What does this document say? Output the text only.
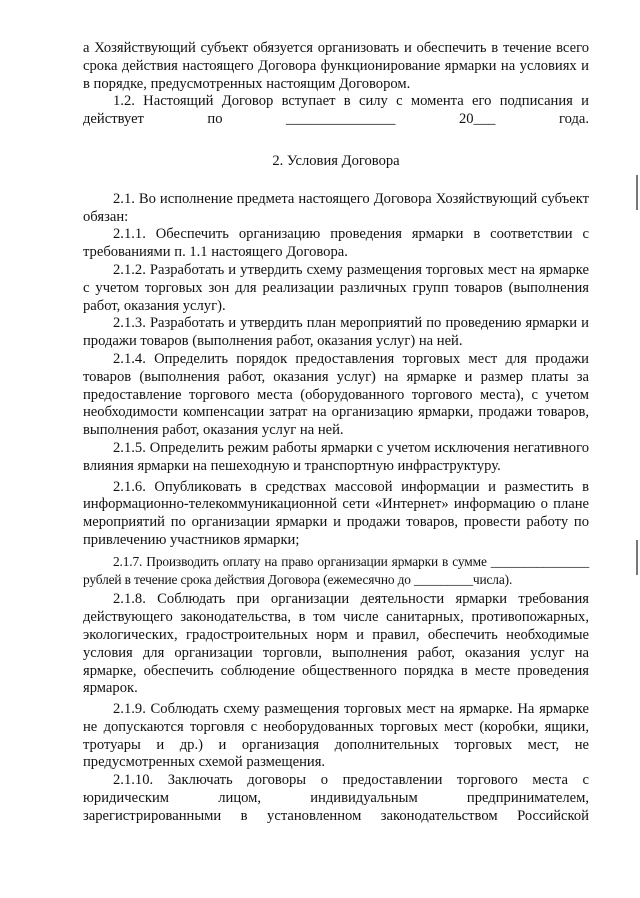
а Хозяйствующий субъект обязуется организовать и обеспечить в течение всего срока действия настоящего Договора функционирование ярмарки на условиях и в порядке, предусмотренных настоящим Договором.

1.2. Настоящий Договор вступает в силу с момента его подписания и действует по _______________ 20___ года.

2. Условия Договора

2.1. Во исполнение предмета настоящего Договора Хозяйствующий субъект обязан:

2.1.1. Обеспечить организацию проведения ярмарки в соответствии с требованиями п. 1.1 настоящего Договора.

2.1.2. Разработать и утвердить схему размещения торговых мест на ярмарке с учетом торговых зон для реализации различных групп товаров (выполнения работ, оказания услуг).

2.1.3. Разработать и утвердить план мероприятий по проведению ярмарки и продажи товаров (выполнения работ, оказания услуг) на ней.

2.1.4. Определить порядок предоставления торговых мест для продажи товаров (выполнения работ, оказания услуг) на ярмарке и размер платы за предоставление торгового места (оборудованного торгового места), с учетом необходимости компенсации затрат на организацию ярмарки, продажи товаров, выполнения работ, оказания услуг на ней.

2.1.5. Определить режим работы ярмарки с учетом исключения негативного влияния ярмарки на пешеходную и транспортную инфраструктуру.

2.1.6. Опубликовать в средствах массовой информации и разместить в информационно-телекоммуникационной сети «Интернет» информацию о плане мероприятий по организации ярмарки и продажи товаров, провести работу по привлечению участников ярмарки;

2.1.7. Производить оплату на право организации ярмарки в сумме _______________ рублей в течение срока действия Договора (ежемесячно до _________числа).

2.1.8. Соблюдать при организации деятельности ярмарки требования действующего законодательства, в том числе санитарных, противопожарных, экологических, градостроительных норм и правил, обеспечить необходимые условия для организации торговли, выполнения работ, оказания услуг на ярмарке, обеспечить соблюдение общественного порядка в месте проведения ярмарок.

2.1.9. Соблюдать схему размещения торговых мест на ярмарке. На ярмарке не допускаются торговля с необорудованных торговых мест (коробки, ящики, тротуары и др.) и организация дополнительных торговых мест, не предусмотренных схемой размещения.

2.1.10. Заключать договоры о предоставлении торгового места с юридическим лицом, индивидуальным предпринимателем, зарегистрированными в установленном законодательством Российской
